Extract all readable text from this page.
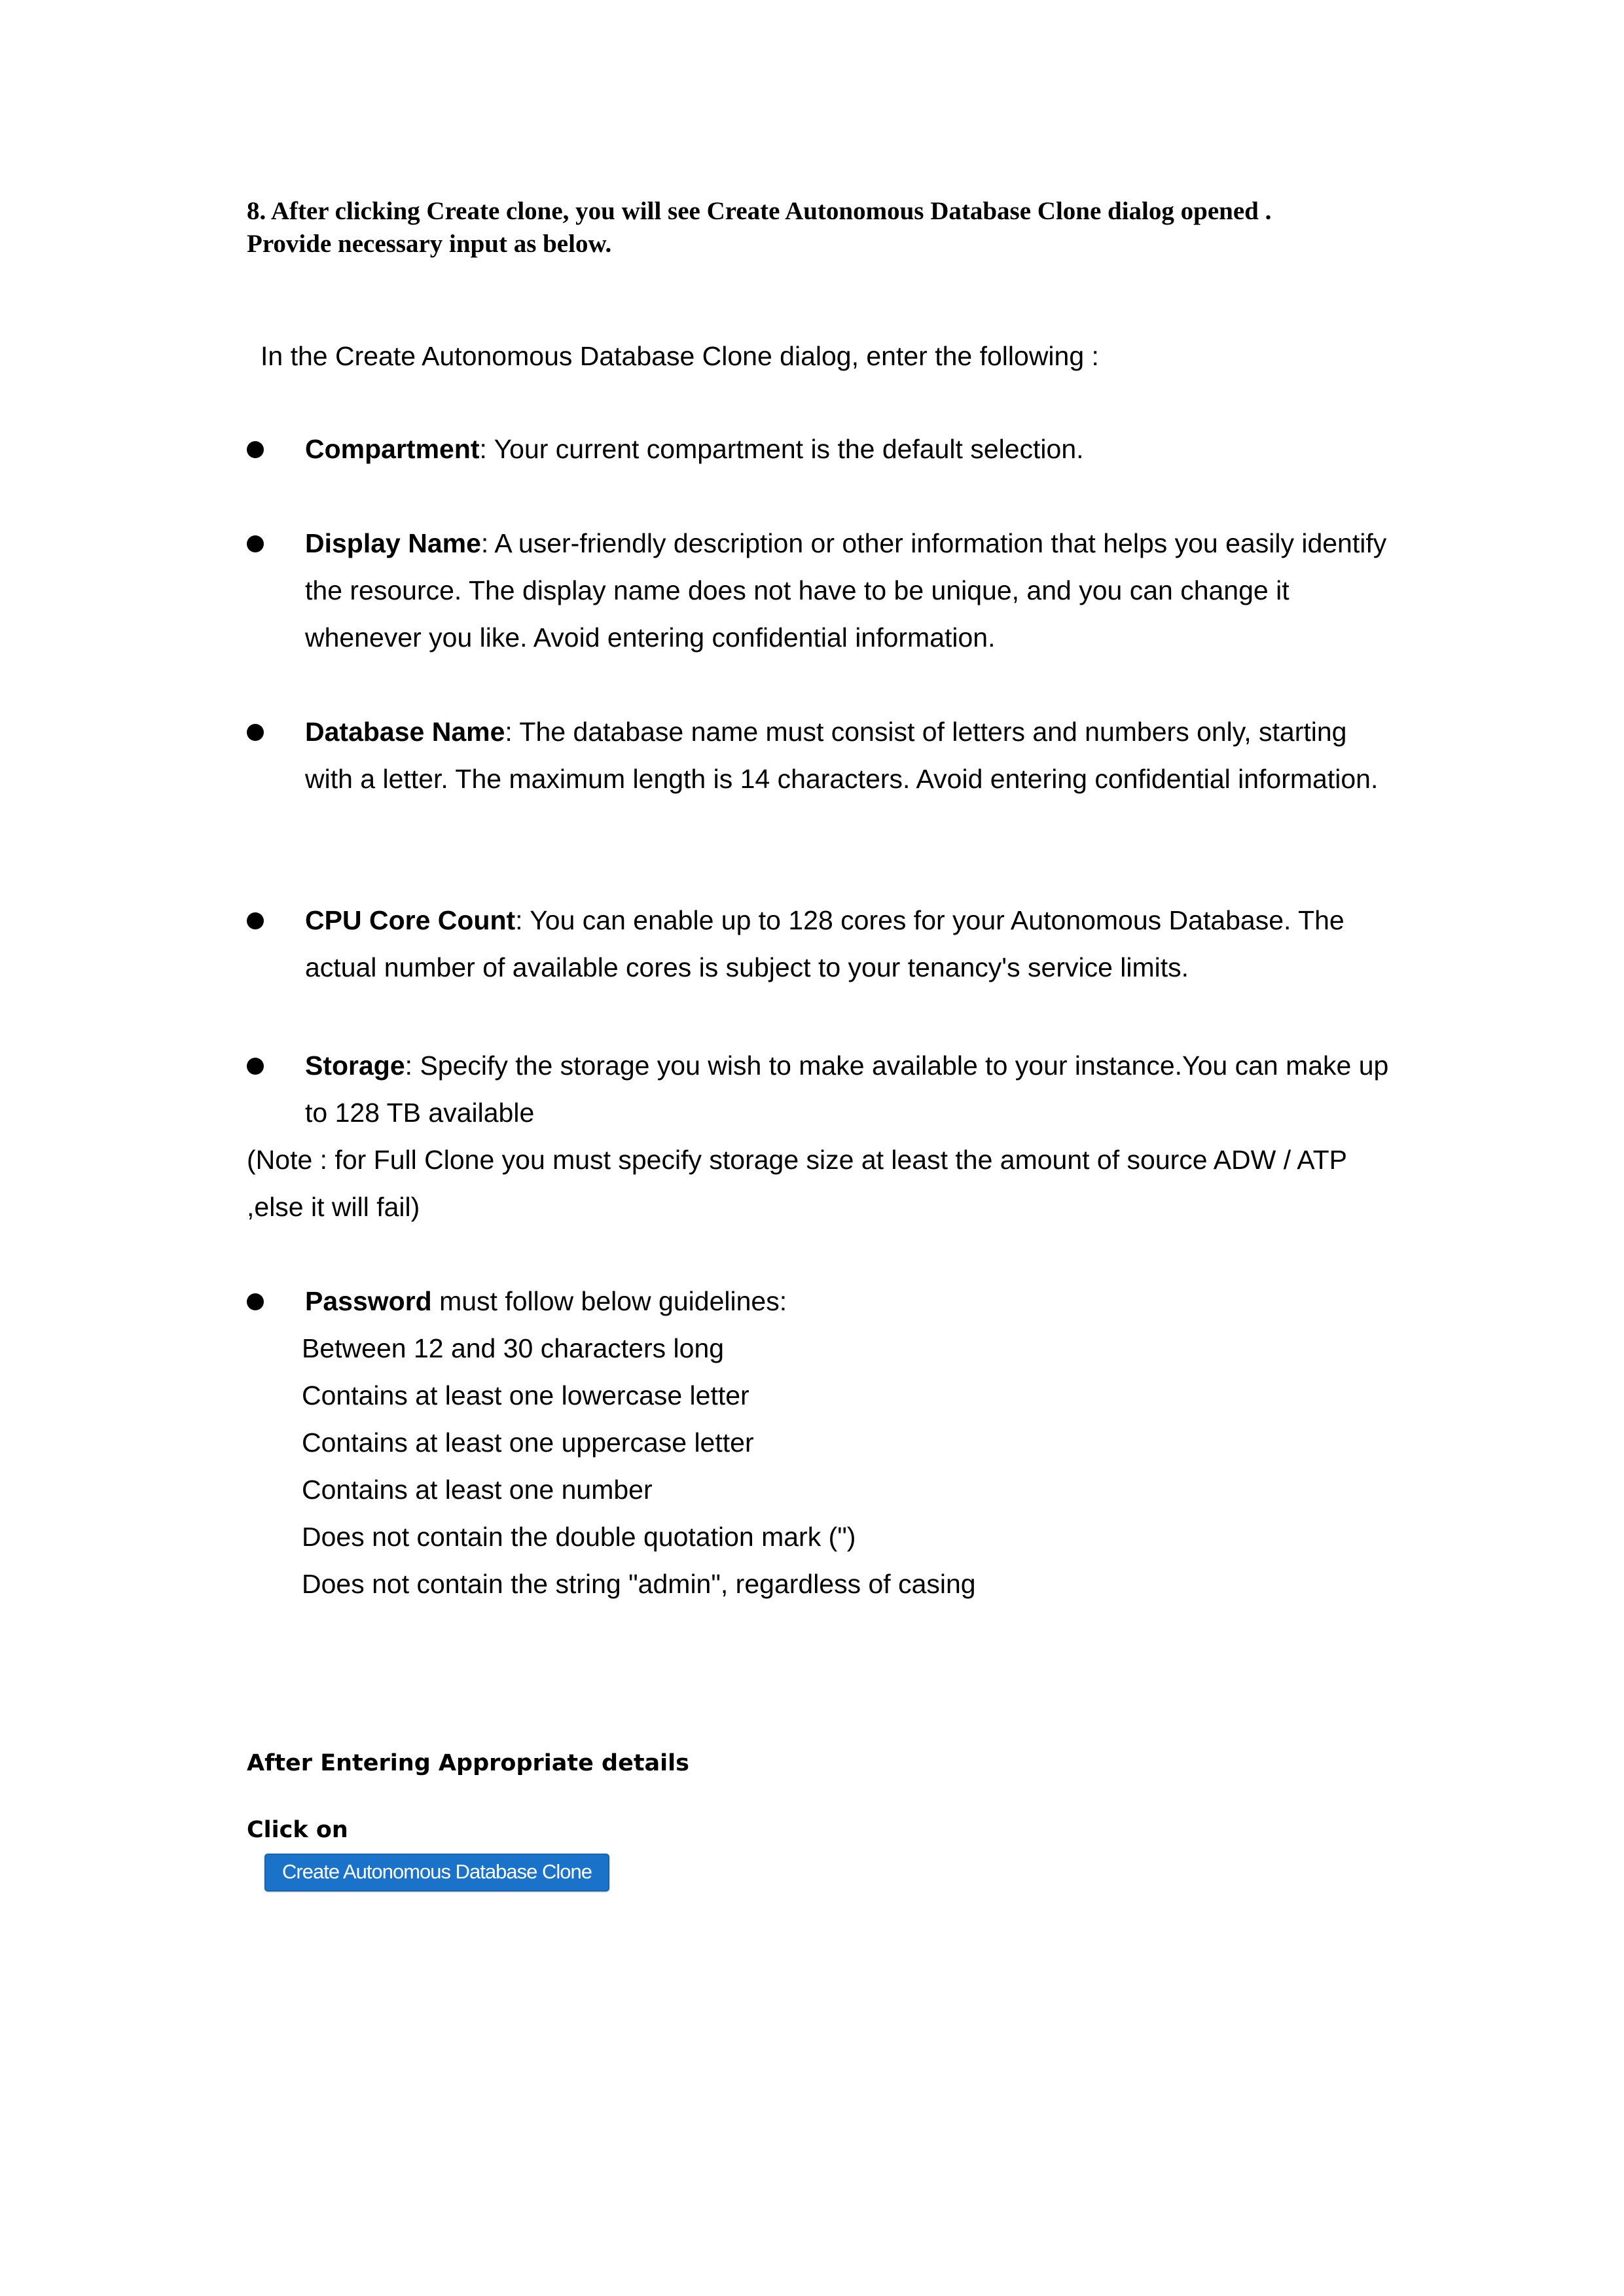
8. After clicking Create clone, you will see Create Autonomous Database Clone dialog opened .
Provide necessary input as below.
In the Create Autonomous Database Clone dialog, enter the following :
Compartment: Your current compartment is the default selection.
Display Name: A user-friendly description or other information that helps you easily identify the resource. The display name does not have to be unique, and you can change it whenever you like. Avoid entering confidential information.
Database Name: The database name must consist of letters and numbers only, starting with a letter. The maximum length is 14 characters. Avoid entering confidential information.
CPU Core Count: You can enable up to 128 cores for your Autonomous Database. The actual number of available cores is subject to your tenancy's service limits.
Storage: Specify the storage you wish to make available to your instance.You can make up to 128 TB available
(Note : for Full Clone you must specify storage size at least the amount of source ADW / ATP ,else it will fail)
Password must follow below guidelines:
Between 12 and 30 characters long
Contains at least one lowercase letter
Contains at least one uppercase letter
Contains at least one number
Does not contain the double quotation mark (")
Does not contain the string "admin", regardless of casing
After Entering Appropriate details
Click on
Create Autonomous Database Clone
